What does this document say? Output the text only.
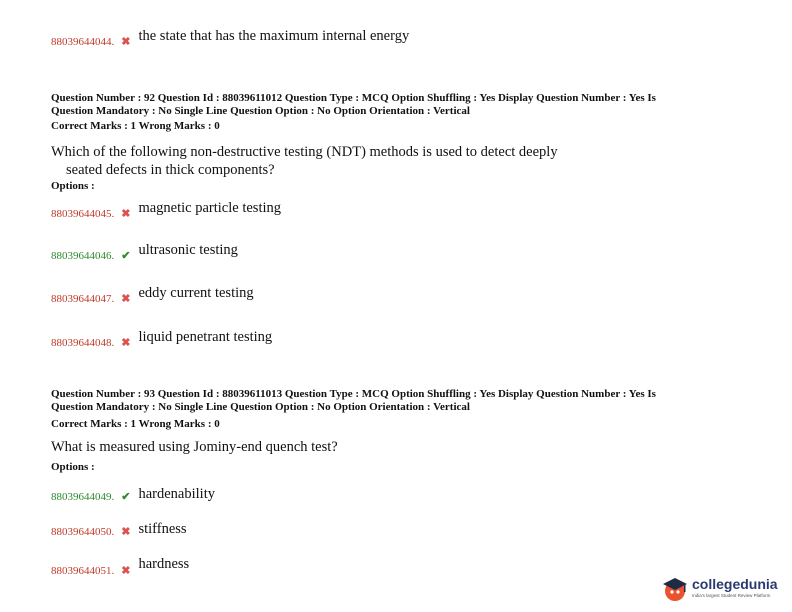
88039644044. ✖ the state that has the maximum internal energy
Question Number : 92 Question Id : 88039611012 Question Type : MCQ Option Shuffling : Yes Display Question Number : Yes Is
Question Mandatory : No Single Line Question Option : No Option Orientation : Vertical
Correct Marks : 1 Wrong Marks : 0
Which of the following non-destructive testing (NDT) methods is used to detect deeply
seated defects in thick components?
Options :
88039644045. ✖ magnetic particle testing
88039644046. ✔ ultrasonic testing
88039644047. ✖ eddy current testing
88039644048. ✖ liquid penetrant testing
Question Number : 93 Question Id : 88039611013 Question Type : MCQ Option Shuffling : Yes Display Question Number : Yes Is
Question Mandatory : No Single Line Question Option : No Option Orientation : Vertical
Correct Marks : 1 Wrong Marks : 0
What is measured using Jominy-end quench test?
Options :
88039644049. ✔ hardenability
88039644050. ✖ stiffness
88039644051. ✖ hardness
collegedunia
India's largest Student Review Platform
